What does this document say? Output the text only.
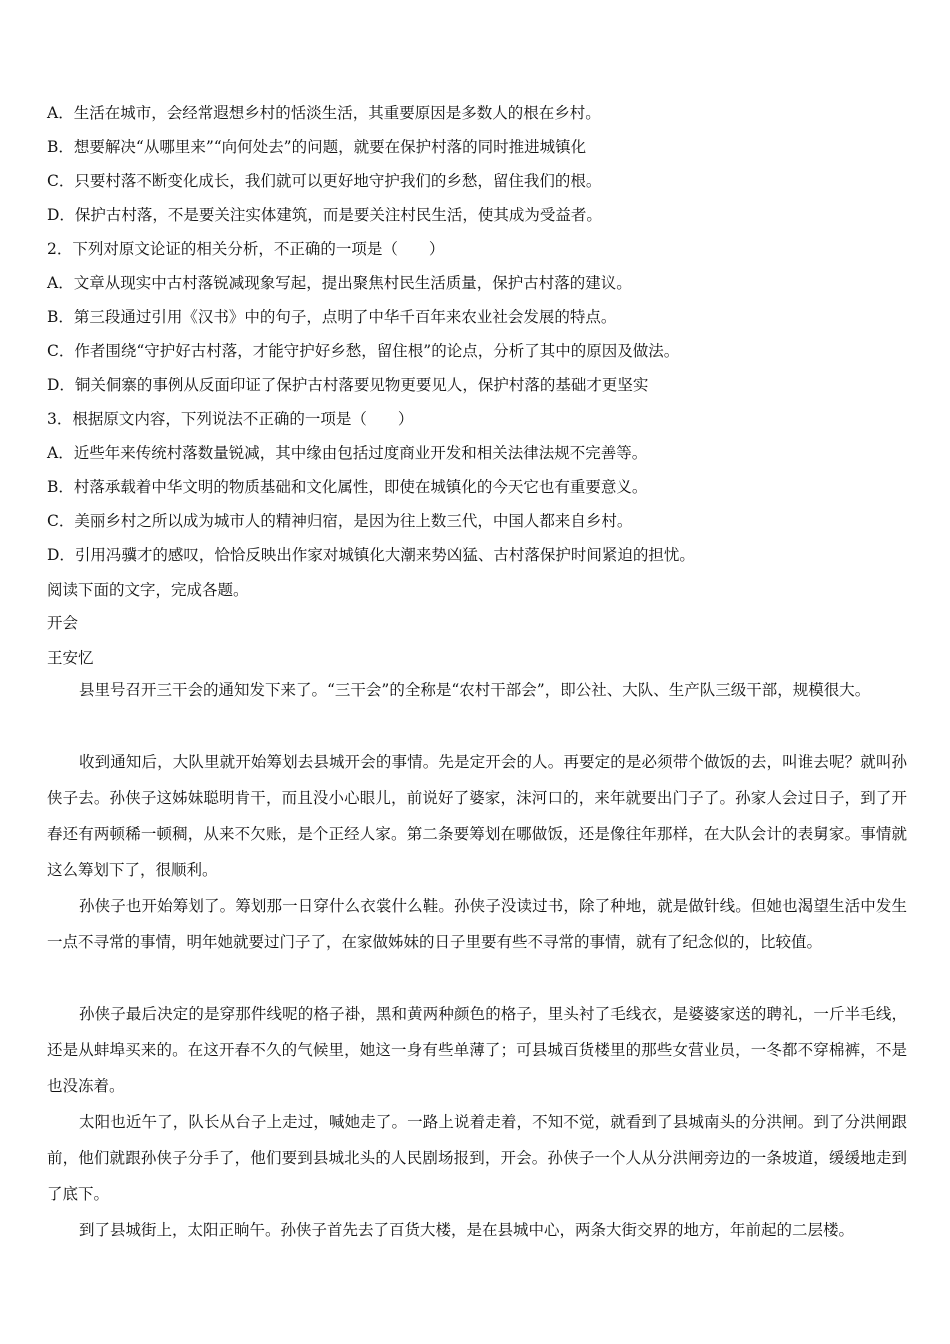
A．生活在城市，会经常遐想乡村的恬淡生活，其重要原因是多数人的根在乡村。
B．想要解决“从哪里来”“向何处去”的问题，就要在保护村落的同时推进城镇化
C．只要村落不断变化成长，我们就可以更好地守护我们的乡愁，留住我们的根。
D．保护古村落，不是要关注实体建筑，而是要关注村民生活，使其成为受益者。
2．下列对原文论证的相关分析，不正确的一项是（　　）
A．文章从现实中古村落锐减现象写起，提出聚焦村民生活质量，保护古村落的建议。
B．第三段通过引用《汉书》中的句子，点明了中华千百年来农业社会发展的特点。
C．作者围绕“守护好古村落，才能守护好乡愁，留住根”的论点，分析了其中的原因及做法。
D．铜关侗寨的事例从反面印证了保护古村落要见物更要见人，保护村落的基础才更坚实
3．根据原文内容，下列说法不正确的一项是（　　）
A．近些年来传统村落数量锐减，其中缘由包括过度商业开发和相关法律法规不完善等。
B．村落承载着中华文明的物质基础和文化属性，即使在城镇化的今天它也有重要意义。
C．美丽乡村之所以成为城市人的精神归宿，是因为往上数三代，中国人都来自乡村。
D．引用冯骥才的感叹，恰恰反映出作家对城镇化大潮来势凶猛、古村落保护时间紧迫的担忧。
阅读下面的文字，完成各题。
开会
王安忆
县里号召开三干会的通知发下来了。“三干会”的全称是“农村干部会”，即公社、大队、生产队三级干部，规模很大。
收到通知后，大队里就开始筹划去县城开会的事情。先是定开会的人。再要定的是必须带个做饭的去，叫谁去呢？就叫孙侠子去。孙侠子这姊妹聪明肯干，而且没小心眼儿，前说好了婆家，沫河口的，来年就要出门子了。孙家人会过日子，到了开春还有两顿稀一顿稠，从来不欠账，是个正经人家。第二条要筹划在哪做饭，还是像往年那样，在大队会计的表舅家。事情就这么筹划下了，很顺利。
孙侠子也开始筹划了。筹划那一日穿什么衣裳什么鞋。孙侠子没读过书，除了种地，就是做针线。但她也渴望生活中发生一点不寻常的事情，明年她就要过门子了，在家做姊妹的日子里要有些不寻常的事情，就有了纪念似的，比较值。
孙侠子最后决定的是穿那件线呢的格子褂，黑和黄两种颜色的格子，里头衬了毛线衣，是婆婆家送的聘礼，一斤半毛线，还是从蚌埠买来的。在这开春不久的气候里，她这一身有些单薄了；可县城百货楼里的那些女营业员，一冬都不穿棉裤，不是也没冻着。
太阳也近午了，队长从台子上走过，喊她走了。一路上说着走着，不知不觉，就看到了县城南头的分洪闸。到了分洪闸跟前，他们就跟孙侠子分手了，他们要到县城北头的人民剧场报到，开会。孙侠子一个人从分洪闸旁边的一条坡道，缓缓地走到了底下。
到了县城街上，太阳正晌午。孙侠子首先去了百货大楼，是在县城中心，两条大街交界的地方，年前起的二层楼。
